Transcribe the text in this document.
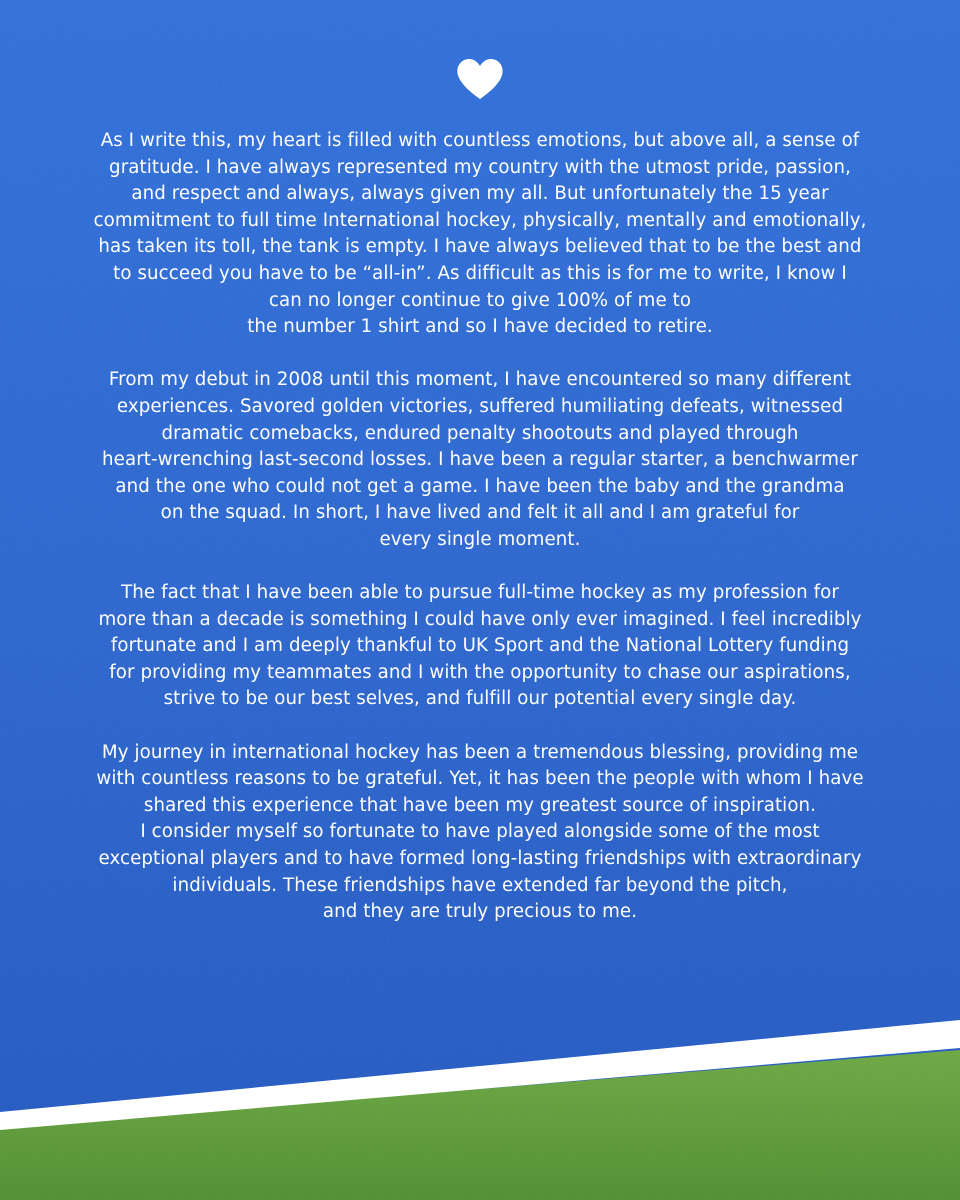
As I write this, my heart is filled with countless emotions, but above all, a sense of
gratitude. I have always represented my country with the utmost pride, passion,
and respect and always, always given my all. But unfortunately the 15 year
commitment to full time International hockey, physically, mentally and emotionally,
has taken its toll, the tank is empty. I have always believed that to be the best and
to succeed you have to be “all-in”. As difficult as this is for me to write, I know I
can no longer continue to give 100% of me to
the number 1 shirt and so I have decided to retire.

From my debut in 2008 until this moment, I have encountered so many different
experiences. Savored golden victories, suffered humiliating defeats, witnessed
dramatic comebacks, endured penalty shootouts and played through
heart-wrenching last-second losses. I have been a regular starter, a benchwarmer
and the one who could not get a game. I have been the baby and the grandma
on the squad. In short, I have lived and felt it all and I am grateful for
every single moment.

The fact that I have been able to pursue full-time hockey as my profession for
more than a decade is something I could have only ever imagined. I feel incredibly
fortunate and I am deeply thankful to UK Sport and the National Lottery funding
for providing my teammates and I with the opportunity to chase our aspirations,
strive to be our best selves, and fulfill our potential every single day.

My journey in international hockey has been a tremendous blessing, providing me
with countless reasons to be grateful. Yet, it has been the people with whom I have
shared this experience that have been my greatest source of inspiration.
I consider myself so fortunate to have played alongside some of the most
exceptional players and to have formed long-lasting friendships with extraordinary
individuals. These friendships have extended far beyond the pitch,
and they are truly precious to me.
